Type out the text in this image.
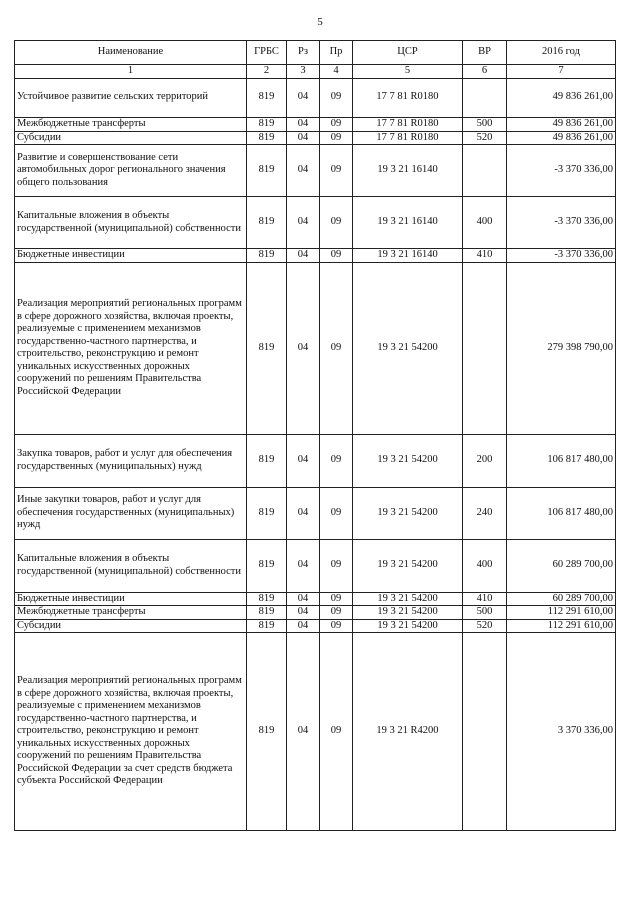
5
Наименование	ГРБС	Рз	Пр	ЦСР	ВР	2016 год
1	2	3	4	5	6	7
Устойчивое развитие сельских территорий	819	04	09	17 7 81 R0180		49 836 261,00
Межбюджетные трансферты	819	04	09	17 7 81 R0180	500	49 836 261,00
Субсидии	819	04	09	17 7 81 R0180	520	49 836 261,00
Развитие и совершенствование сети автомобильных дорог регионального значения общего пользования	819	04	09	19 3 21 16140		-3 370 336,00
Капитальные вложения в объекты государственной (муниципальной) собственности	819	04	09	19 3 21 16140	400	-3 370 336,00
Бюджетные инвестиции	819	04	09	19 3 21 16140	410	-3 370 336,00
Реализация мероприятий региональных программ в сфере дорожного хозяйства, включая проекты, реализуемые с применением механизмов государственно-частного партнерства, и строительство, реконструкцию и ремонт уникальных искусственных дорожных сооружений по решениям Правительства Российской Федерации	819	04	09	19 3 21 54200		279 398 790,00
Закупка товаров, работ и услуг для обеспечения государственных (муниципальных) нужд	819	04	09	19 3 21 54200	200	106 817 480,00
Иные закупки товаров, работ и услуг для обеспечения государственных (муниципальных) нужд	819	04	09	19 3 21 54200	240	106 817 480,00
Капитальные вложения в объекты государственной (муниципальной) собственности	819	04	09	19 3 21 54200	400	60 289 700,00
Бюджетные инвестиции	819	04	09	19 3 21 54200	410	60 289 700,00
Межбюджетные трансферты	819	04	09	19 3 21 54200	500	112 291 610,00
Субсидии	819	04	09	19 3 21 54200	520	112 291 610,00
Реализация мероприятий региональных программ в сфере дорожного хозяйства, включая проекты, реализуемые с применением механизмов государственно-частного партнерства, и строительство, реконструкцию и ремонт уникальных искусственных дорожных сооружений по решениям Правительства Российской Федерации за счет средств бюджета субъекта Российской Федерации	819	04	09	19 3 21 R4200		3 370 336,00
